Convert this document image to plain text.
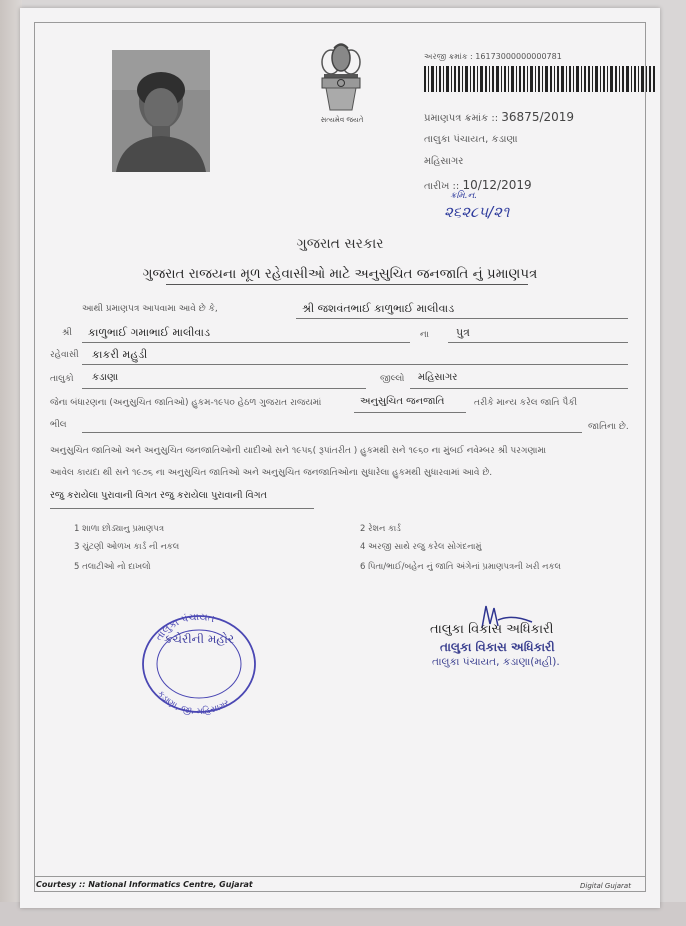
સત્યમેવ જયતે
અરજી ક્રમાંક : 16173000000000781
પ્રમાણપત્ર ક્રમાંક :: 36875/2019
તાલુકા પંચાયત, કડાણા
મહિસાગર
તારીખ :: 10/12/2019
ક્રમિ.ન.
૨૬૨૮૫/૨૧
ગુજરાત સરકાર
ગુજરાત રાજયના મૂળ રહેવાસીઓ માટે અનુસુચિત જનજાતિ નું પ્રમાણપત્ર
આથી પ્રમાણપત્ર આપવામા આવે છે કે,	શ્રી જશવંતભાઈ કાળુભાઈ માલીવાડ
શ્રી કાળુભાઈ ગમાભાઈ માલીવાડ	ના પુત્ર
રહેવાસી કાકરી મહુડી
તાલુકો કડાણા	જીલ્લો મહિસાગર
જેના બંધારણના (અનુસુચિત જાતિઓ) હુકમ-૧૯૫૦ હેઠળ ગુજરાત રાજયમાં	અનુસુચિત જનજાતિ	તરીકે માન્ય કરેલ જાતિ પૈકી
ભીલ	જાતિના છે.
અનુસુચિત જાતિઓ અને અનુસુચિત જનજાતિઓની યાદીઓ સને ૧૯૫૬( રૂપાંતરીત ) હુકમથી સને ૧૯૬૦ ના મુંબઈ નવેમ્બર શ્રી પરગણામા
આવેલ કાયદા થી સને ૧૯૭૬ ના અનુસુચિત જાતિઓ અને અનુસુચિત જનજાતિઓના સુધારેલા હુકમથી સુધારવામાં આવે છે.
રજુ કરાયેલા પુરાવાની વિગત રજુ કરાયેલા પુરાવાની વિગત
1 શાળા છોડ્યાનુ પ્રમાણપત્ર	2 રેશન કાર્ડ
3 ચુંટણી ઓળખ કાર્ડ ની નકલ	4 અરજી સાથે રજુ કરેલ સોગંદનામું
5 તલાટીઓ નો દાખલો	6 પિતા/ભાઈ/બહેન નું જાતિ અંગેનાં પ્રમાણપત્રની ખરી નકલ
તાલુકા પંચાયત
કડાણા, જી. મહિસાગર
કચેરીની મહોર
તાલુકા વિકાસ અધિકારી
તાલુકા વિકાસ અધિકારી
તાલુકા પંચાયત, કડાણા(મહી).
Courtesy :: National Informatics Centre, Gujarat	Digital Gujarat
